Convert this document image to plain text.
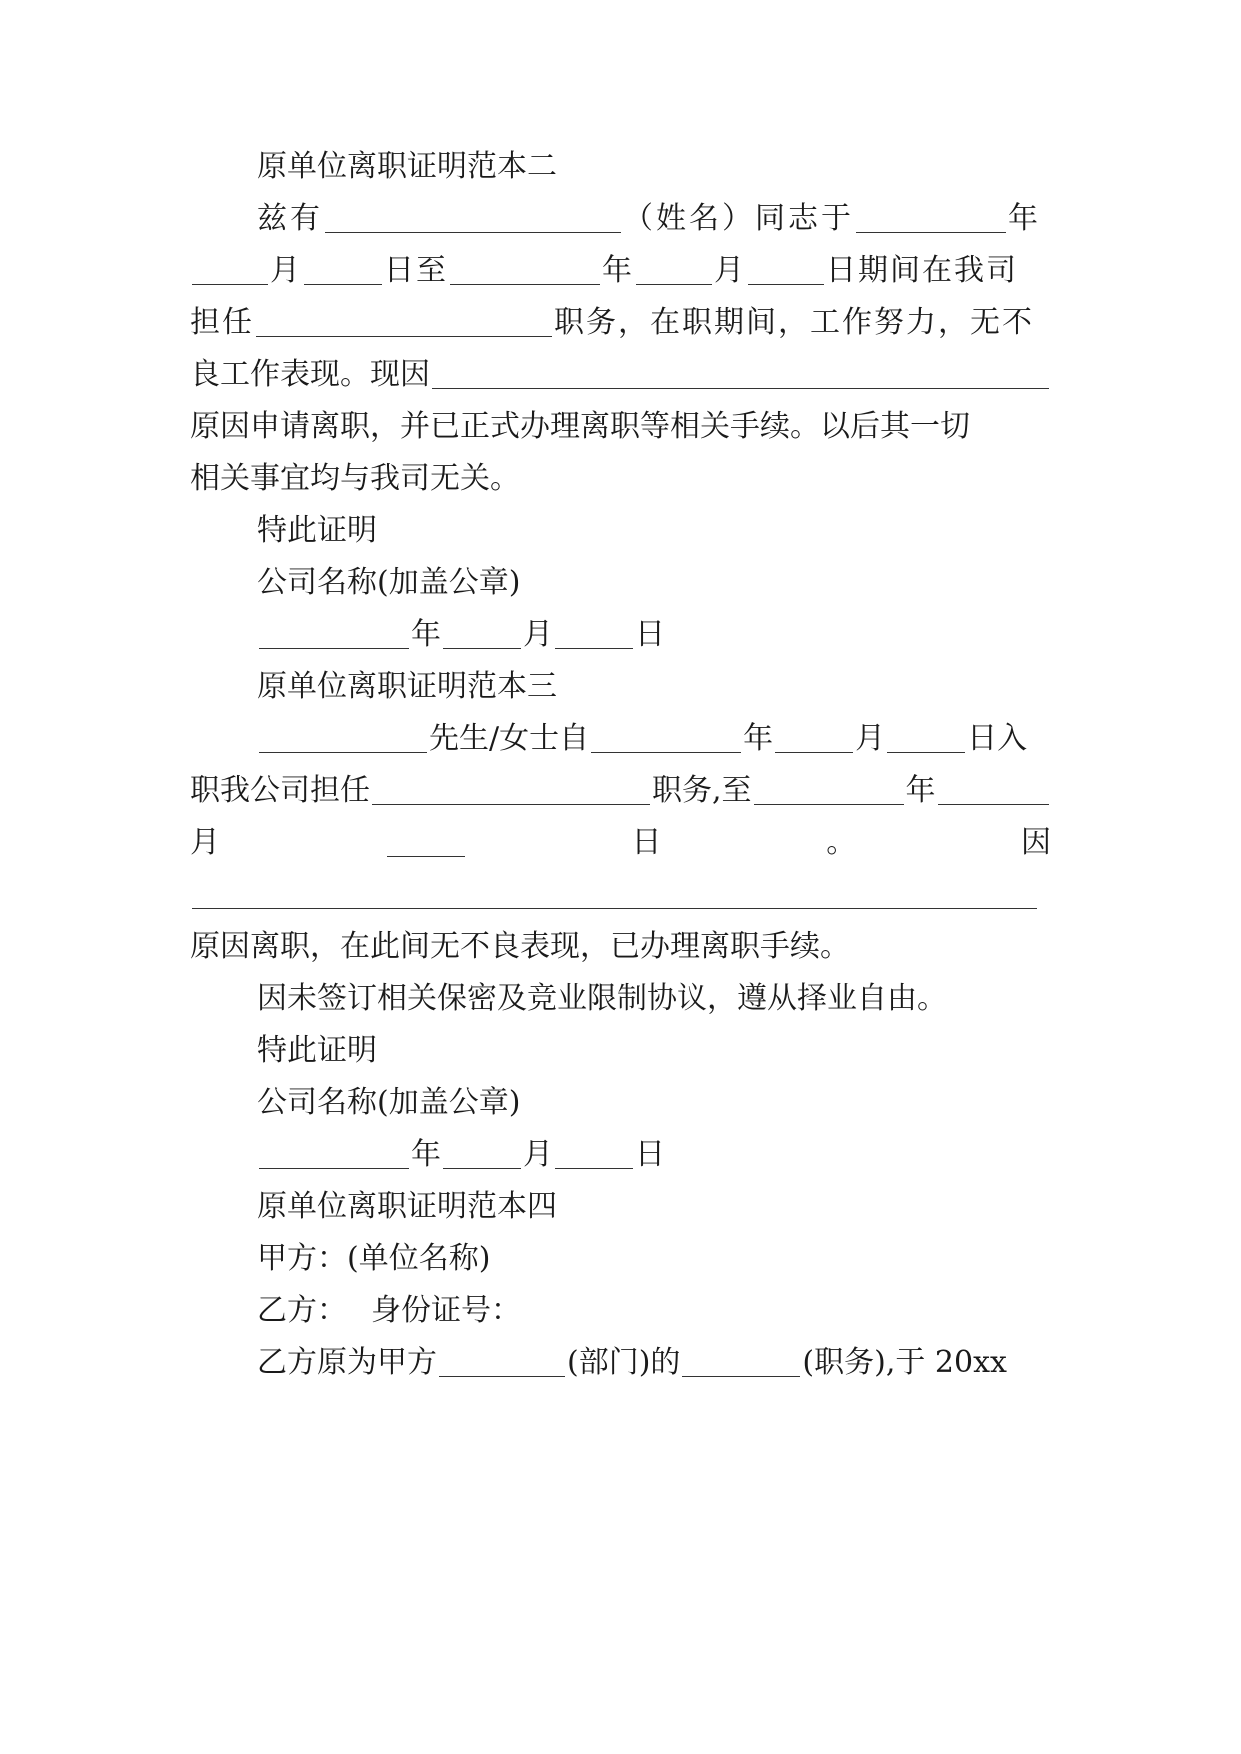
原单位离职证明范本二
兹有	（姓名）同志于	年
月	日至	年	月	日期间在我司
担任	职务，在职期间，工作努力，无不
良工作表现。现因
原因申请离职，并已正式办理离职等相关手续。以后其一切
相关事宜均与我司无关。
特此证明
公司名称(加盖公章)
年	月	日
原单位离职证明范本三
先生/女士自	年	月	日入
职我公司担任	职务,至	年
月	日	。	因
原因离职，在此间无不良表现，已办理离职手续。
因未签订相关保密及竞业限制协议，遵从择业自由。
特此证明
公司名称(加盖公章)
年	月	日
原单位离职证明范本四
甲方：(单位名称)
乙方： 身份证号：
乙方原为甲方	(部门)的	(职务),于 20xx
